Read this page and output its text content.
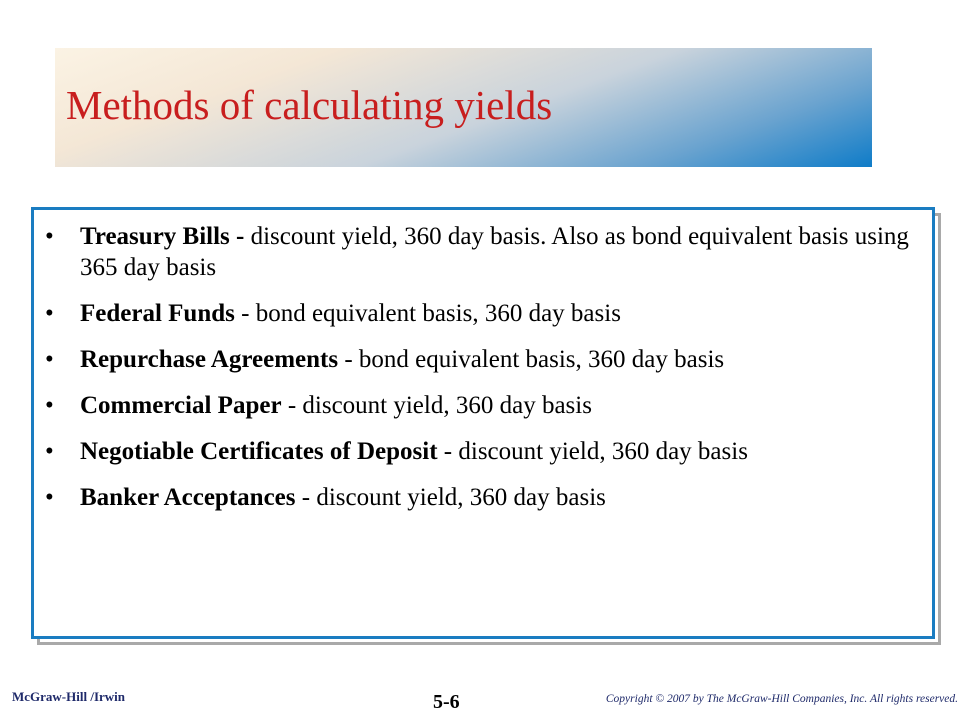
Methods of calculating yields
• Treasury Bills - discount yield, 360 day basis. Also as bond equivalent basis using 365 day basis
• Federal Funds - bond equivalent basis, 360 day basis
• Repurchase Agreements - bond equivalent basis, 360 day basis
• Commercial Paper - discount yield, 360 day basis
• Negotiable Certificates of Deposit - discount yield, 360 day basis
• Banker Acceptances - discount yield, 360 day basis
McGraw-Hill /Irwin	5-6	Copyright © 2007 by The McGraw-Hill Companies, Inc. All rights reserved.
